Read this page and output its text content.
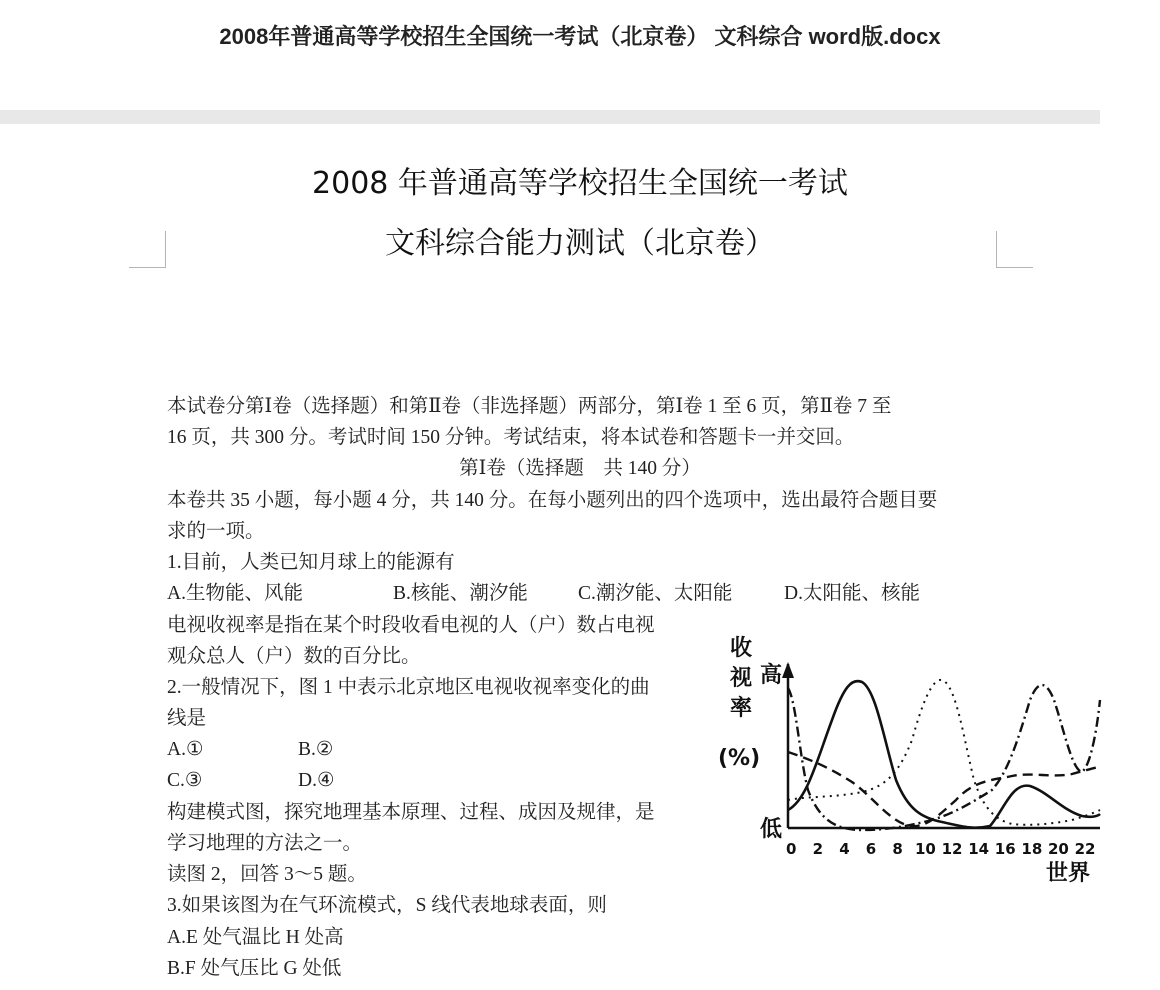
2008年普通高等学校招生全国统一考试（北京卷） 文科综合 word版.docx
2008 年普通高等学校招生全国统一考试
文科综合能力测试（北京卷）
本试卷分第Ⅰ卷（选择题）和第Ⅱ卷（非选择题）两部分，第Ⅰ卷 1 至 6 页，第Ⅱ卷 7 至
16 页，共 300 分。考试时间 150 分钟。考试结束，将本试卷和答题卡一并交回。
第Ⅰ卷（选择题　共 140 分）
本卷共 35 小题，每小题 4 分，共 140 分。在每小题列出的四个选项中，选出最符合题目要
求的一项。
1.目前，人类已知月球上的能源有
A.生物能、风能	B.核能、潮汐能	C.潮汐能、太阳能	D.太阳能、核能
电视收视率是指在某个时段收看电视的人（户）数占电视
观众总人（户）数的百分比。
2.一般情况下，图 1 中表示北京地区电视收视率变化的曲
线是
A.①	B.②
C.③	D.④
构建模式图，探究地理基本原理、过程、成因及规律，是
学习地理的方法之一。
读图 2，回答 3～5 题。
3.如果该图为在气环流模式，S 线代表地球表面，则
A.E 处气温比 H 处高
B.F 处气压比 G 处低
收
视
率
(%)
高
低
0 2 4 6 8 10 12 14 16 18 20 22
世界
